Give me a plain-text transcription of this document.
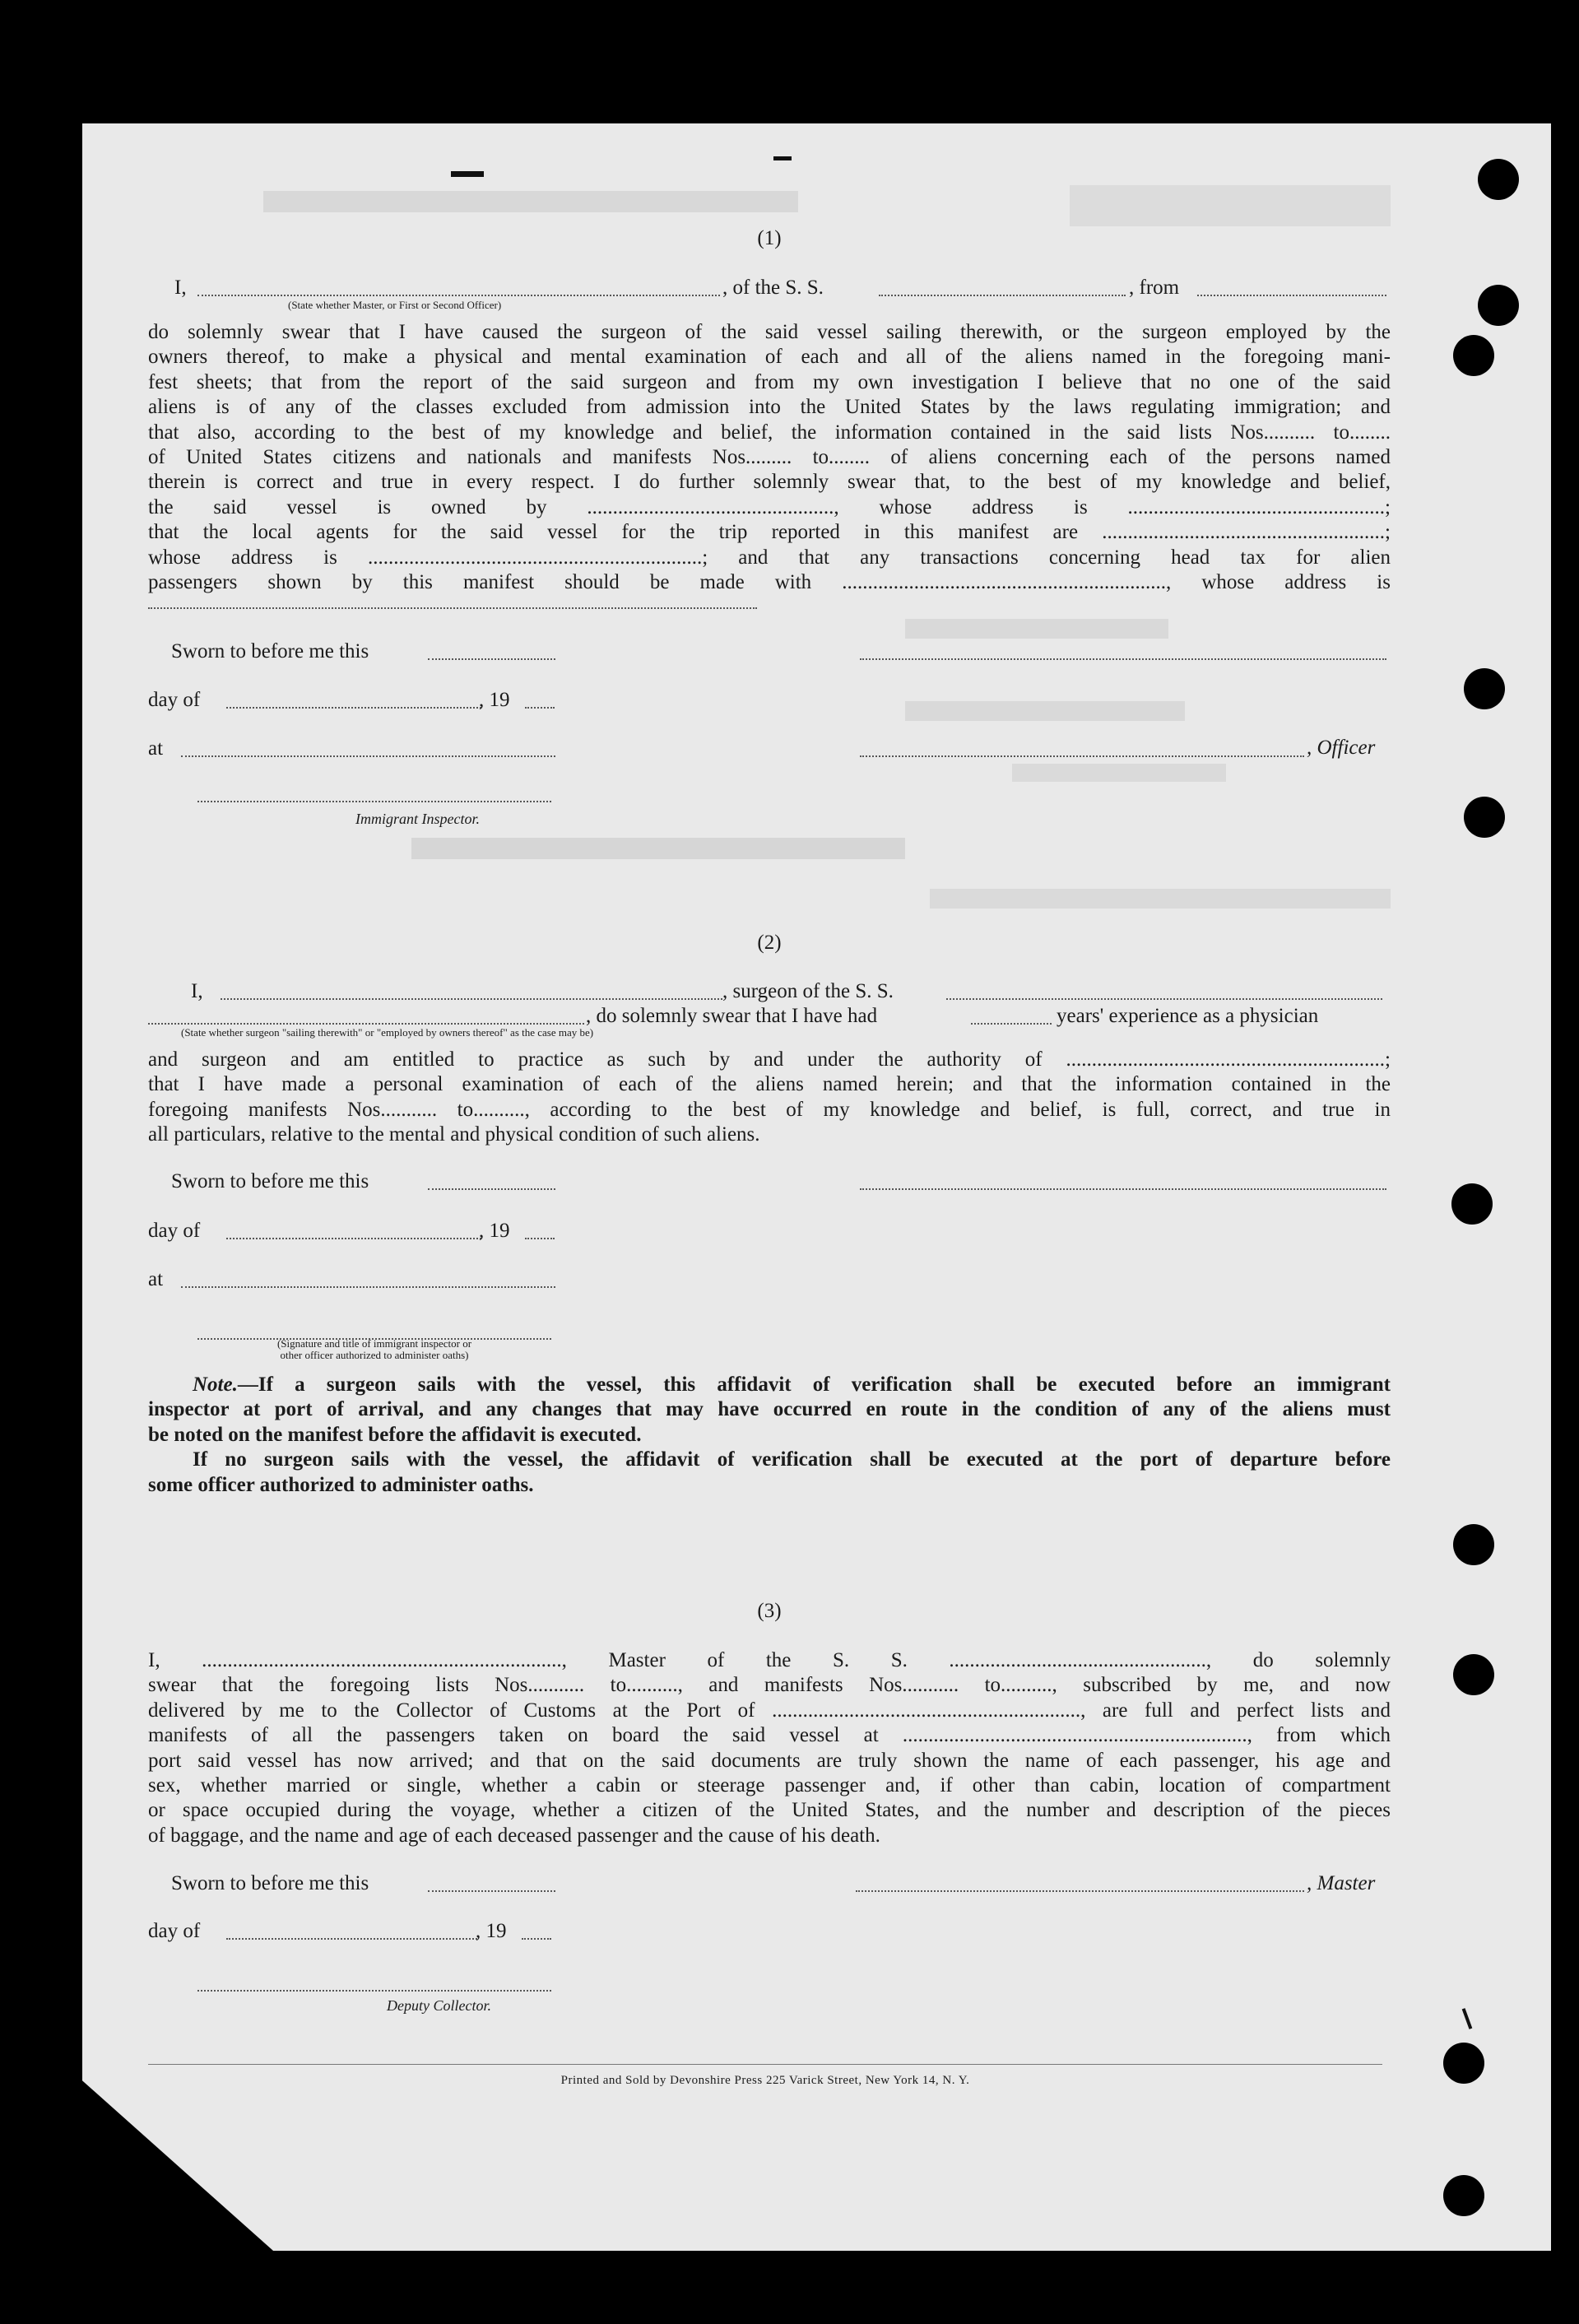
(1)
I,	, of the S. S.	, from
(State whether Master, or First or Second Officer)
do solemnly swear that I have caused the surgeon of the said vessel sailing therewith, or the surgeon employed by the
owners thereof, to make a physical and mental examination of each and all of the aliens named in the foregoing mani-
fest sheets; that from the report of the said surgeon and from my own investigation I believe that no one of the said
aliens is of any of the classes excluded from admission into the United States by the laws regulating immigration; and
that also, according to the best of my knowledge and belief, the information contained in the said lists Nos.......... to........
of United States citizens and nationals and manifests Nos......... to........ of aliens concerning each of the persons named
therein is correct and true in every respect. I do further solemnly swear that, to the best of my knowledge and belief,
the said vessel is owned by ................................................, whose address is ..................................................;
that the local agents for the said vessel for the trip reported in this manifest are .......................................................;
whose address is .................................................................; and that any transactions concerning head tax for alien
passengers shown by this manifest should be made with ..............................................................., whose address is
Sworn to before me this
day of	, 19
at	, Officer
Immigrant Inspector.
(2)
I,	, surgeon of the S. S.
, do solemnly swear that I have had	years' experience as a physician
(State whether surgeon "sailing therewith" or "employed by owners thereof" as the case may be)
and surgeon and am entitled to practice as such by and under the authority of ..............................................................;
that I have made a personal examination of each of the aliens named herein; and that the information contained in the
foregoing manifests Nos........... to.........., according to the best of my knowledge and belief, is full, correct, and true in
all particulars, relative to the mental and physical condition of such aliens.
Sworn to before me this
day of	, 19
at
(Signature and title of immigrant inspector or
other officer authorized to administer oaths)
Note.—If a surgeon sails with the vessel, this affidavit of verification shall be executed before an immigrant
inspector at port of arrival, and any changes that may have occurred en route in the condition of any of the aliens must
be noted on the manifest before the affidavit is executed.
If no surgeon sails with the vessel, the affidavit of verification shall be executed at the port of departure before
some officer authorized to administer oaths.
(3)
I, ......................................................................, Master of the S. S. .................................................., do solemnly
swear that the foregoing lists Nos........... to.........., and manifests Nos........... to.........., subscribed by me, and now
delivered by me to the Collector of Customs at the Port of ............................................................, are full and perfect lists and
manifests of all the passengers taken on board the said vessel at ..................................................................., from which
port said vessel has now arrived; and that on the said documents are truly shown the name of each passenger, his age and
sex, whether married or single, whether a cabin or steerage passenger and, if other than cabin, location of compartment
or space occupied during the voyage, whether a citizen of the United States, and the number and description of the pieces
of baggage, and the name and age of each deceased passenger and the cause of his death.
Sworn to before me this	, Master
day of	, 19
Deputy Collector.
Printed and Sold by Devonshire Press 225 Varick Street, New York 14, N. Y.
